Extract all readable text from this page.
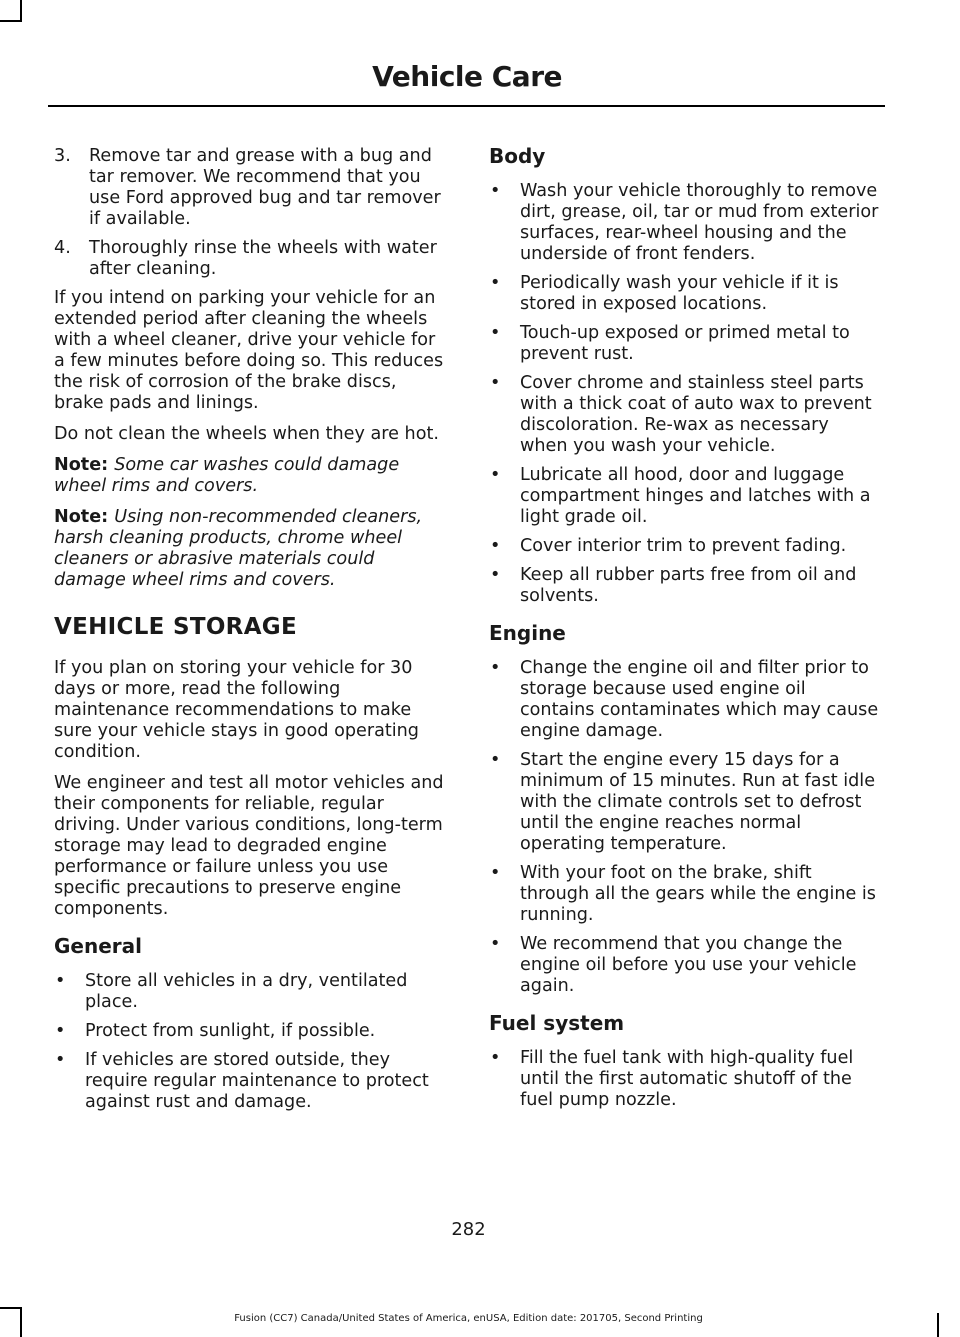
Vehicle Care
3. Remove tar and grease with a bug and tar remover. We recommend that you use Ford approved bug and tar remover if available.
4. Thoroughly rinse the wheels with water after cleaning.

If you intend on parking your vehicle for an extended period after cleaning the wheels with a wheel cleaner, drive your vehicle for a few minutes before doing so. This reduces the risk of corrosion of the brake discs, brake pads and linings.

Do not clean the wheels when they are hot.

Note: Some car washes could damage wheel rims and covers.
Note: Using non-recommended cleaners, harsh cleaning products, chrome wheel cleaners or abrasive materials could damage wheel rims and covers.
VEHICLE STORAGE

If you plan on storing your vehicle for 30 days or more, read the following maintenance recommendations to make sure your vehicle stays in good operating condition.

We engineer and test all motor vehicles and their components for reliable, regular driving. Under various conditions, long-term storage may lead to degraded engine performance or failure unless you use specific precautions to preserve engine components.

General
• Store all vehicles in a dry, ventilated place.
• Protect from sunlight, if possible.
• If vehicles are stored outside, they require regular maintenance to protect against rust and damage.
Body
• Wash your vehicle thoroughly to remove dirt, grease, oil, tar or mud from exterior surfaces, rear-wheel housing and the underside of front fenders.
• Periodically wash your vehicle if it is stored in exposed locations.
• Touch-up exposed or primed metal to prevent rust.
• Cover chrome and stainless steel parts with a thick coat of auto wax to prevent discoloration. Re-wax as necessary when you wash your vehicle.
• Lubricate all hood, door and luggage compartment hinges and latches with a light grade oil.
• Cover interior trim to prevent fading.
• Keep all rubber parts free from oil and solvents.
Engine
• Change the engine oil and filter prior to storage because used engine oil contains contaminates which may cause engine damage.
• Start the engine every 15 days for a minimum of 15 minutes. Run at fast idle with the climate controls set to defrost until the engine reaches normal operating temperature.
• With your foot on the brake, shift through all the gears while the engine is running.
• We recommend that you change the engine oil before you use your vehicle again.
Fuel system
• Fill the fuel tank with high-quality fuel until the first automatic shutoff of the fuel pump nozzle.
282
Fusion (CC7) Canada/United States of America, enUSA, Edition date: 201705, Second Printing
